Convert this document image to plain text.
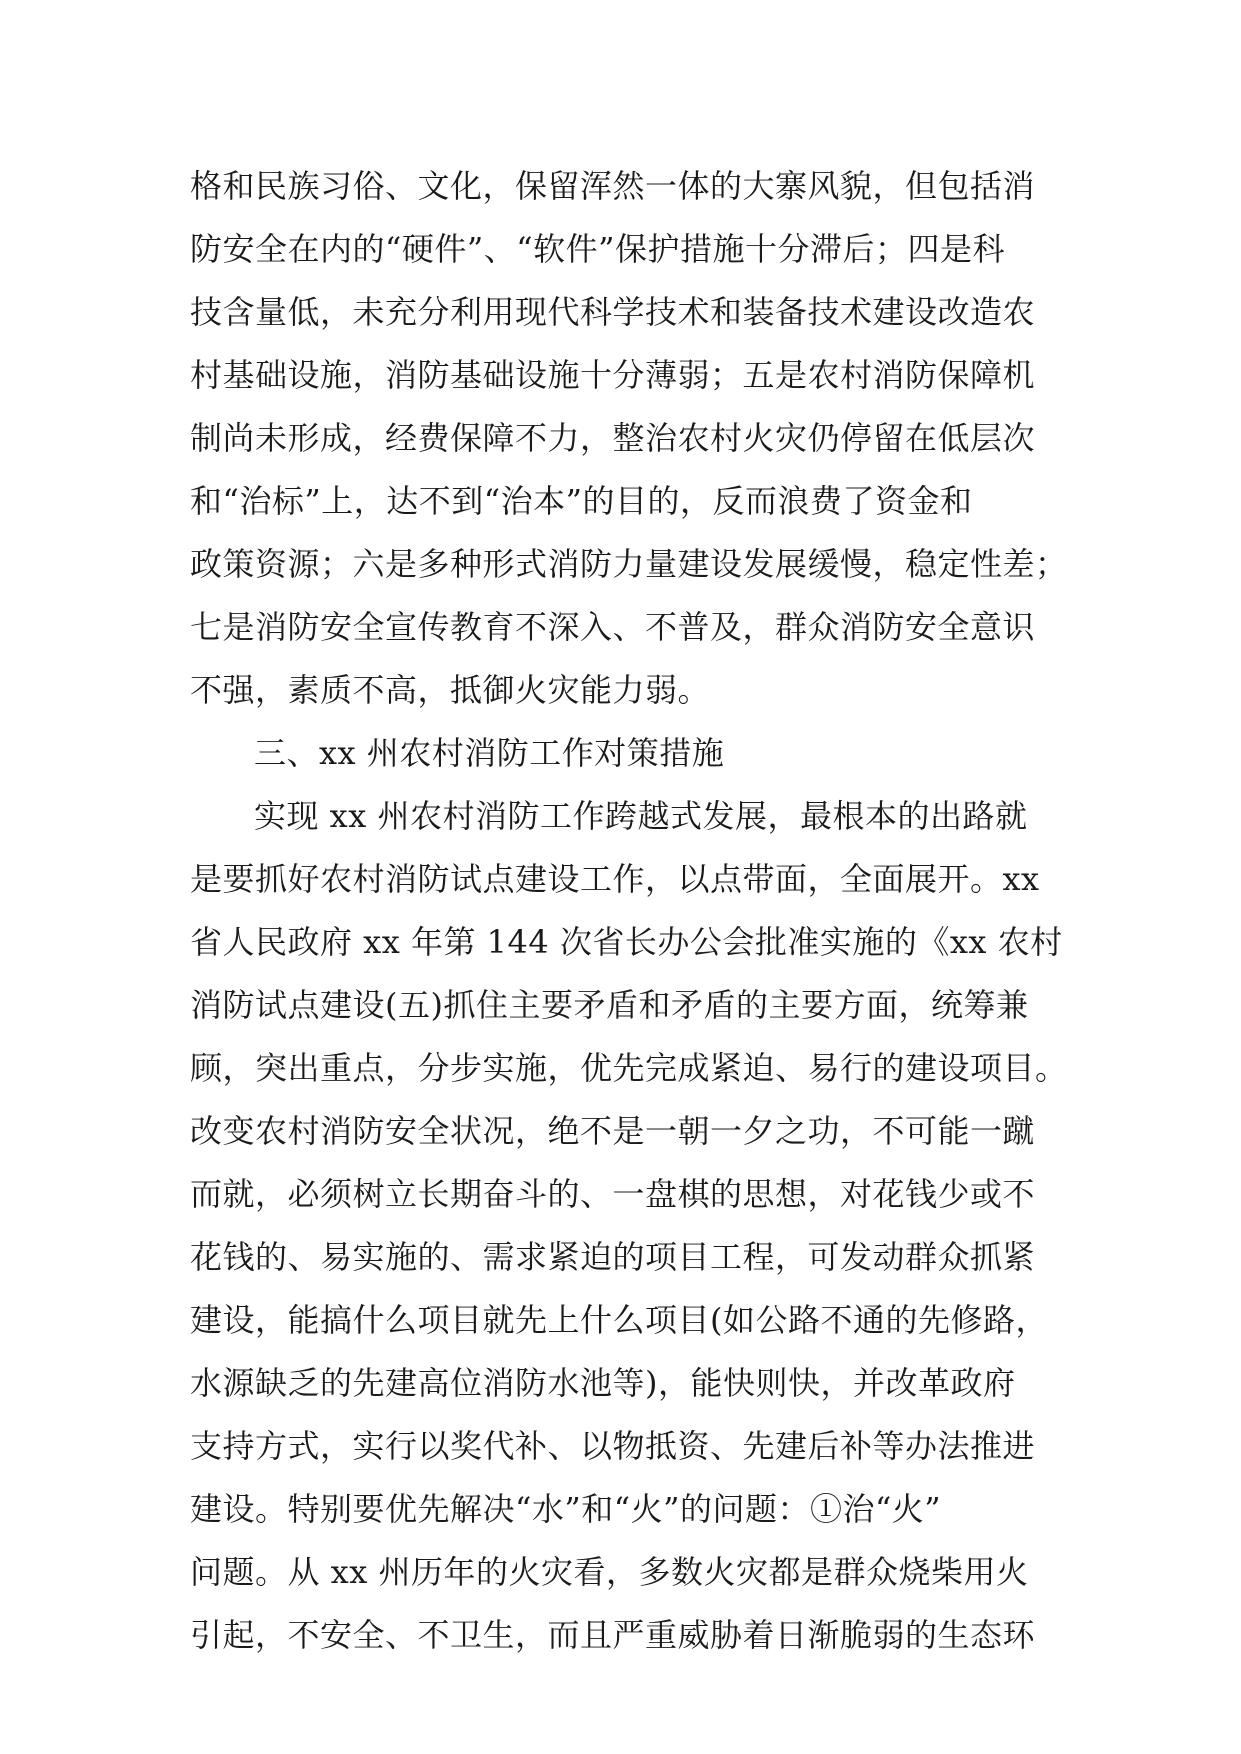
格和民族习俗、文化，保留浑然一体的大寨风貌，但包括消
防安全在内的“硬件”、“软件”保护措施十分滞后；四是科
技含量低，未充分利用现代科学技术和装备技术建设改造农
村基础设施，消防基础设施十分薄弱；五是农村消防保障机
制尚未形成，经费保障不力，整治农村火灾仍停留在低层次
和“治标”上，达不到“治本”的目的，反而浪费了资金和
政策资源；六是多种形式消防力量建设发展缓慢，稳定性差；
七是消防安全宣传教育不深入、不普及，群众消防安全意识
不强，素质不高，抵御火灾能力弱。
三、xx 州农村消防工作对策措施
实现 xx 州农村消防工作跨越式发展，最根本的出路就
是要抓好农村消防试点建设工作，以点带面，全面展开。xx
省人民政府 xx 年第 144 次省长办公会批准实施的《xx 农村
消防试点建设(五)抓住主要矛盾和矛盾的主要方面，统筹兼
顾，突出重点，分步实施，优先完成紧迫、易行的建设项目。
改变农村消防安全状况，绝不是一朝一夕之功，不可能一蹴
而就，必须树立长期奋斗的、一盘棋的思想，对花钱少或不
花钱的、易实施的、需求紧迫的项目工程，可发动群众抓紧
建设，能搞什么项目就先上什么项目(如公路不通的先修路，
水源缺乏的先建高位消防水池等)，能快则快，并改革政府
支持方式，实行以奖代补、以物抵资、先建后补等办法推进
建设。特别要优先解决“水”和“火”的问题：①治“火”
问题。从 xx 州历年的火灾看，多数火灾都是群众烧柴用火
引起，不安全、不卫生，而且严重威胁着日渐脆弱的生态环
